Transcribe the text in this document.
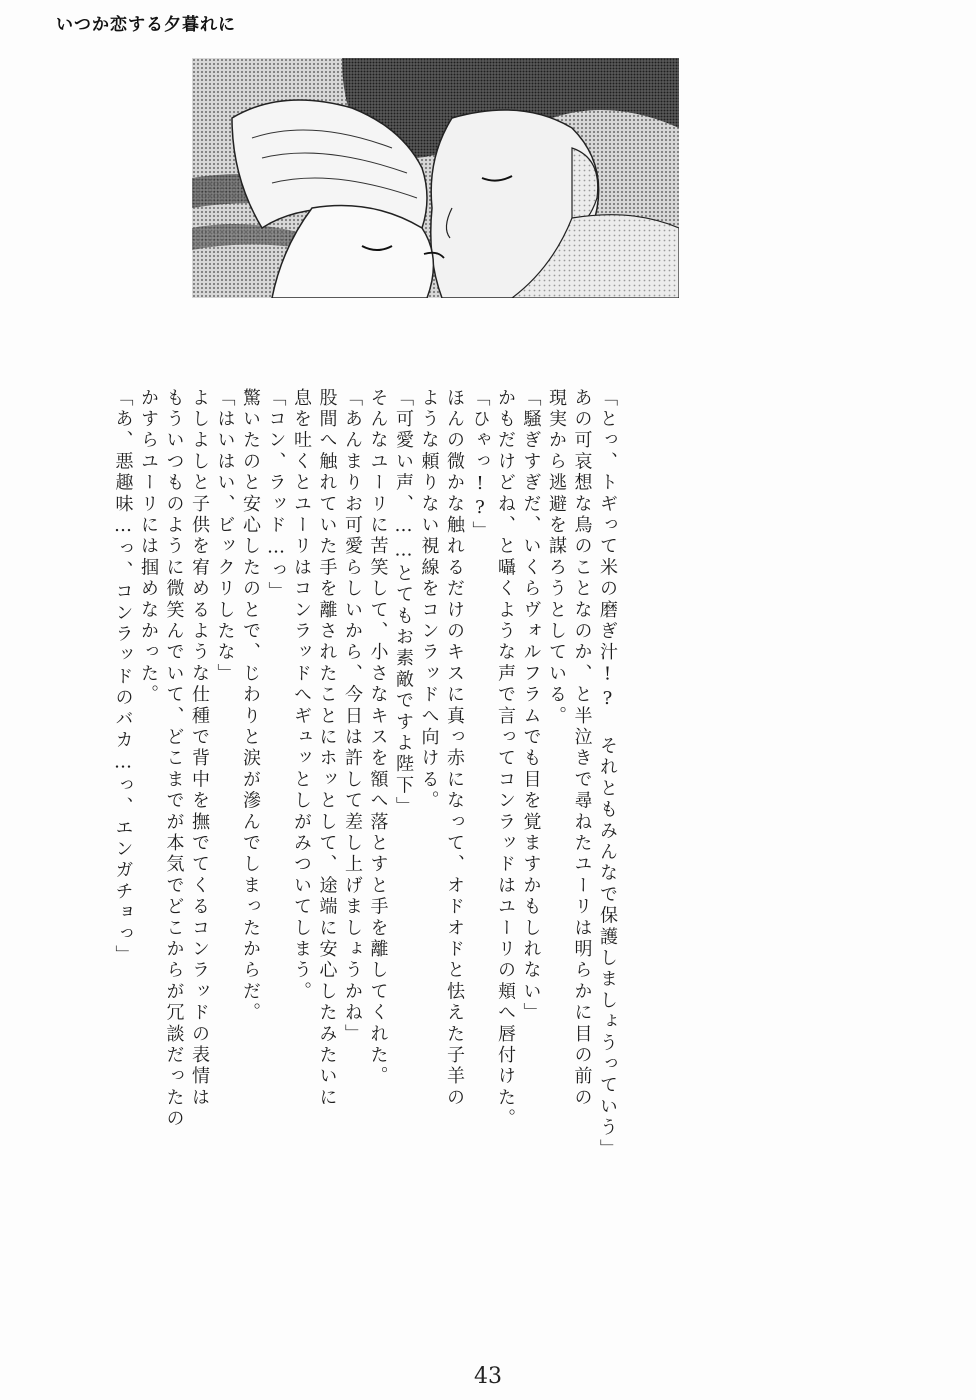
いつか恋する夕暮れに
「とっ、トギって米の磨ぎ汁!? それともみんなで保護しましょうっていう」
あの可哀想な鳥のことなのか、と半泣きで尋ねたユーリは明らかに目の前の
現実から逃避を謀ろうとしている。
「騒ぎすぎだ、いくらヴォルフラムでも目を覚ますかもしれない」
かもだけどね、と囁くような声で言ってコンラッドはユーリの頬へ唇付けた。
「ひゃっ!?」
ほんの微かな触れるだけのキスに真っ赤になって、オドオドと怯えた子羊の
ような頼りない視線をコンラッドへ向ける。
「可愛い声、……とてもお素敵ですよ陛下」
そんなユーリに苦笑して、小さなキスを額へ落とすと手を離してくれた。
「あんまりお可愛らしいから、今日は許して差し上げましょうかね」
股間へ触れていた手を離されたことにホッとして、途端に安心したみたいに
息を吐くとユーリはコンラッドへギュッとしがみついてしまう。
「コン、ラッド…っ」
驚いたのと安心したのとで、じわりと涙が滲んでしまったからだ。
「はいはい、ビックリしたな」
よしよしと子供を宥めるような仕種で背中を撫でてくるコンラッドの表情は
もういつものように微笑んでいて、どこまでが本気でどこからが冗談だったの
かすらユーリには掴めなかった。
「あ、悪趣味…っ、コンラッドのバカ…っ、エンガチョっ」
43
